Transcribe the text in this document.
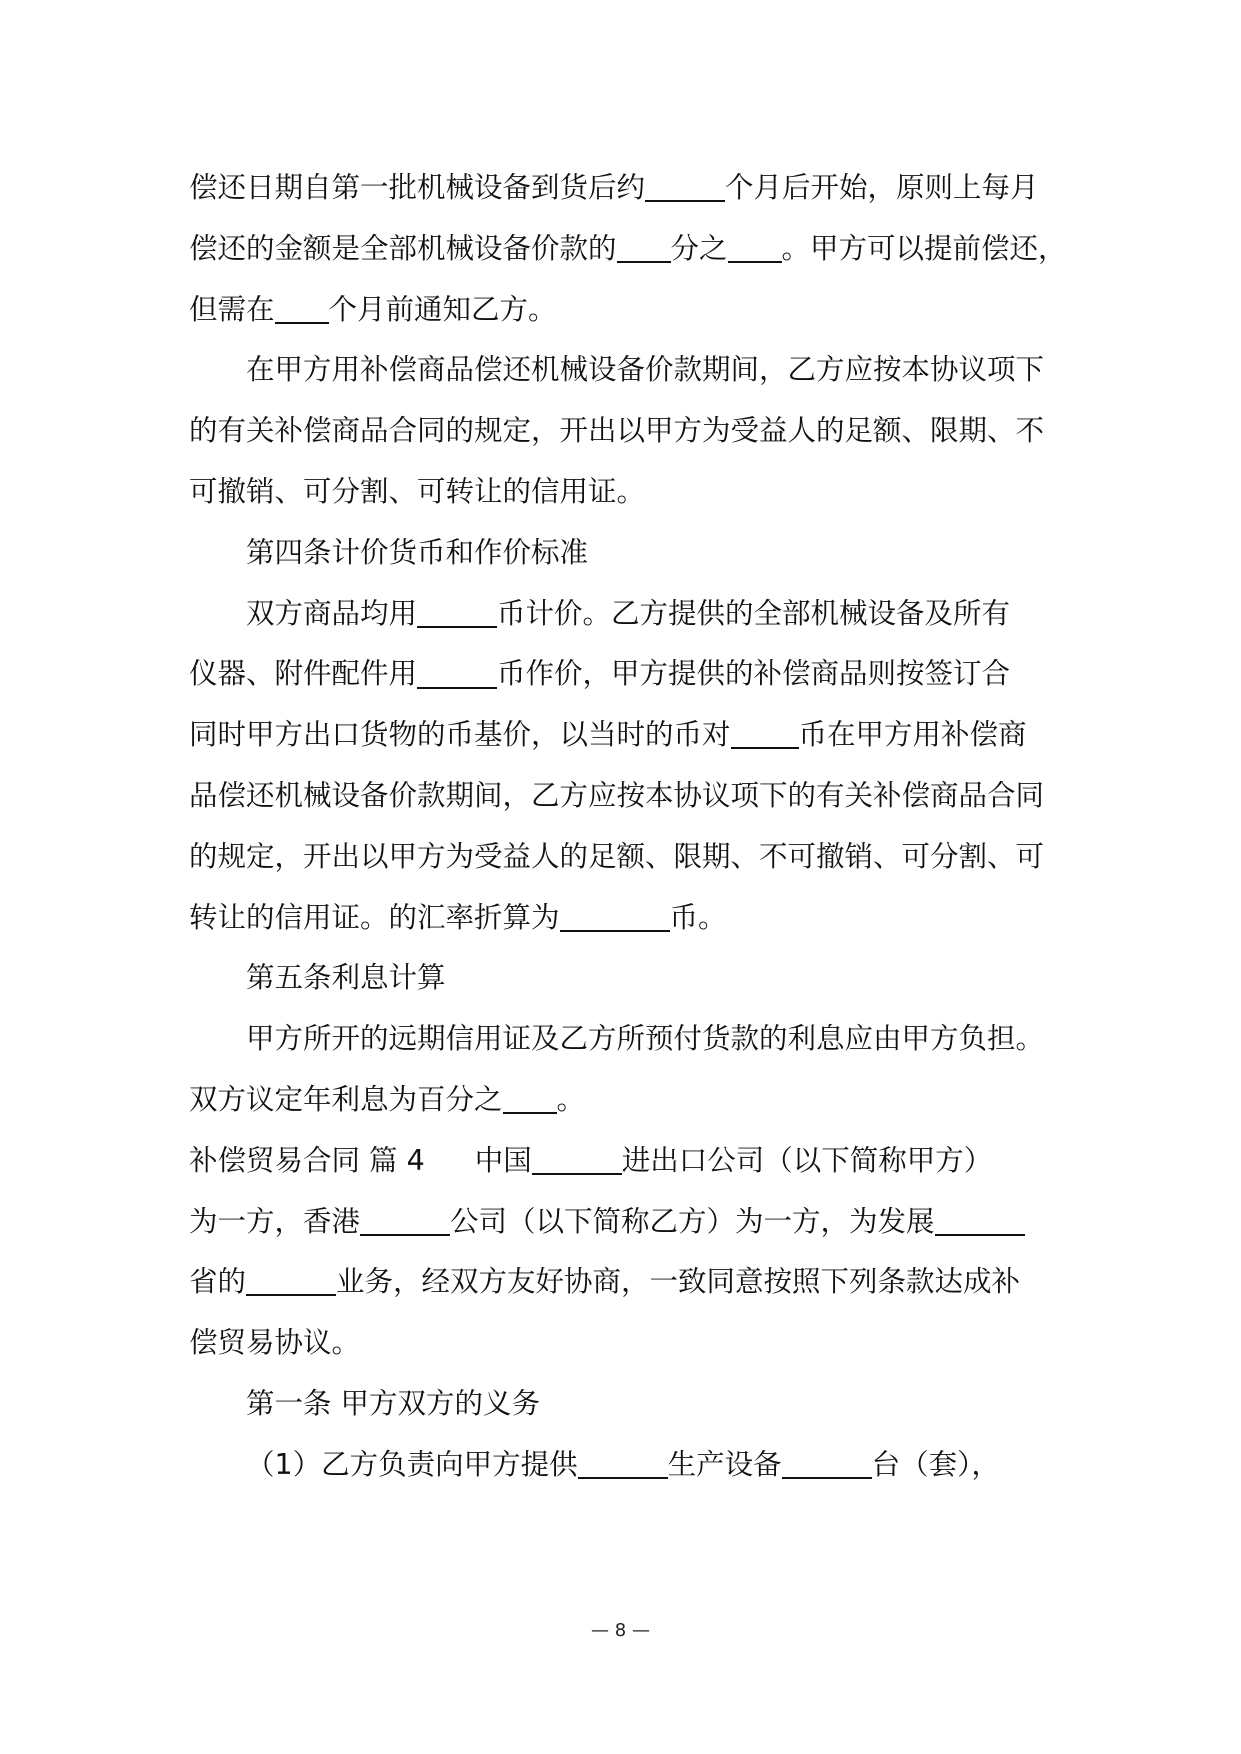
偿还日期自第一批机械设备到货后约	个月后开始，原则上每月
偿还的金额是全部机械设备价款的 分之 。甲方可以提前偿还，
但需在 个月前通知乙方。
在甲方用补偿商品偿还机械设备价款期间，乙方应按本协议项下
的有关补偿商品合同的规定，开出以甲方为受益人的足额、限期、不
可撤销、可分割、可转让的信用证。
第四条计价货币和作价标准
双方商品均用	币计价。乙方提供的全部机械设备及所有
仪器、附件配件用	币作价，甲方提供的补偿商品则按签订合
同时甲方出口货物的币基价，以当时的币对 币在甲方用补偿商
品偿还机械设备价款期间，乙方应按本协议项下的有关补偿商品合同
的规定，开出以甲方为受益人的足额、限期、不可撤销、可分割、可
转让的信用证。的汇率折算为	币。
第五条利息计算
甲方所开的远期信用证及乙方所预付货款的利息应由甲方负担。
双方议定年利息为百分之 。
补偿贸易合同 篇 4 中国	进出口公司（以下简称甲方）
为一方，香港	公司（以下简称乙方）为一方，为发展
省的	业务，经双方友好协商，一致同意按照下列条款达成补
偿贸易协议。
第一条 甲方双方的义务
（1）乙方负责向甲方提供	生产设备	台（套），
— 8 —
